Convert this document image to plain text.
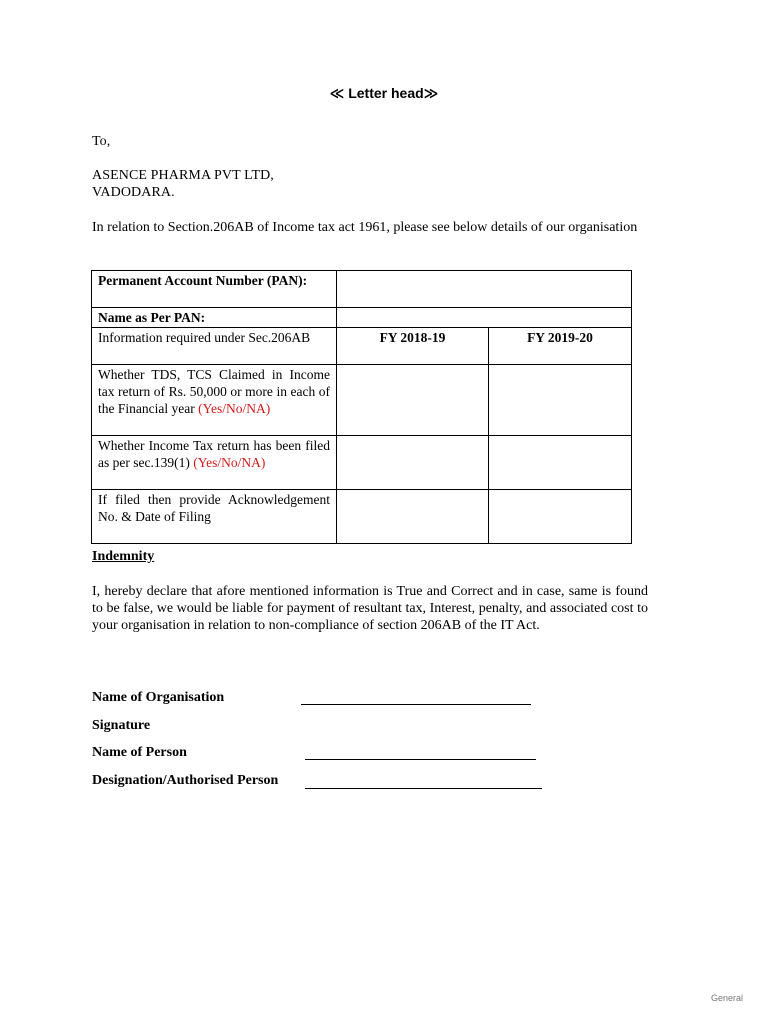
≪ Letter head≫
To,
ASENCE PHARMA PVT LTD,
VADODARA.
In relation to Section.206AB of Income tax act 1961, please see below details of our organisation
Permanent Account Number (PAN):		
Name as Per PAN:		
Information required under Sec.206AB	FY 2018-19	FY 2019-20
Whether TDS, TCS Claimed in Income tax return of Rs. 50,000 or more in each of the Financial year (Yes/No/NA)		
Whether Income Tax return has been filed as per sec.139(1) (Yes/No/NA)		
If filed then provide Acknowledgement No. & Date of Filing		
Indemnity
I, hereby declare that afore mentioned information is True and Correct and in case, same is found to be false, we would be liable for payment of resultant tax, Interest, penalty, and associated cost to your organisation in relation to non-compliance of section 206AB of the IT Act.
Name of Organisation
Signature
Name of Person
Designation/Authorised Person
General
